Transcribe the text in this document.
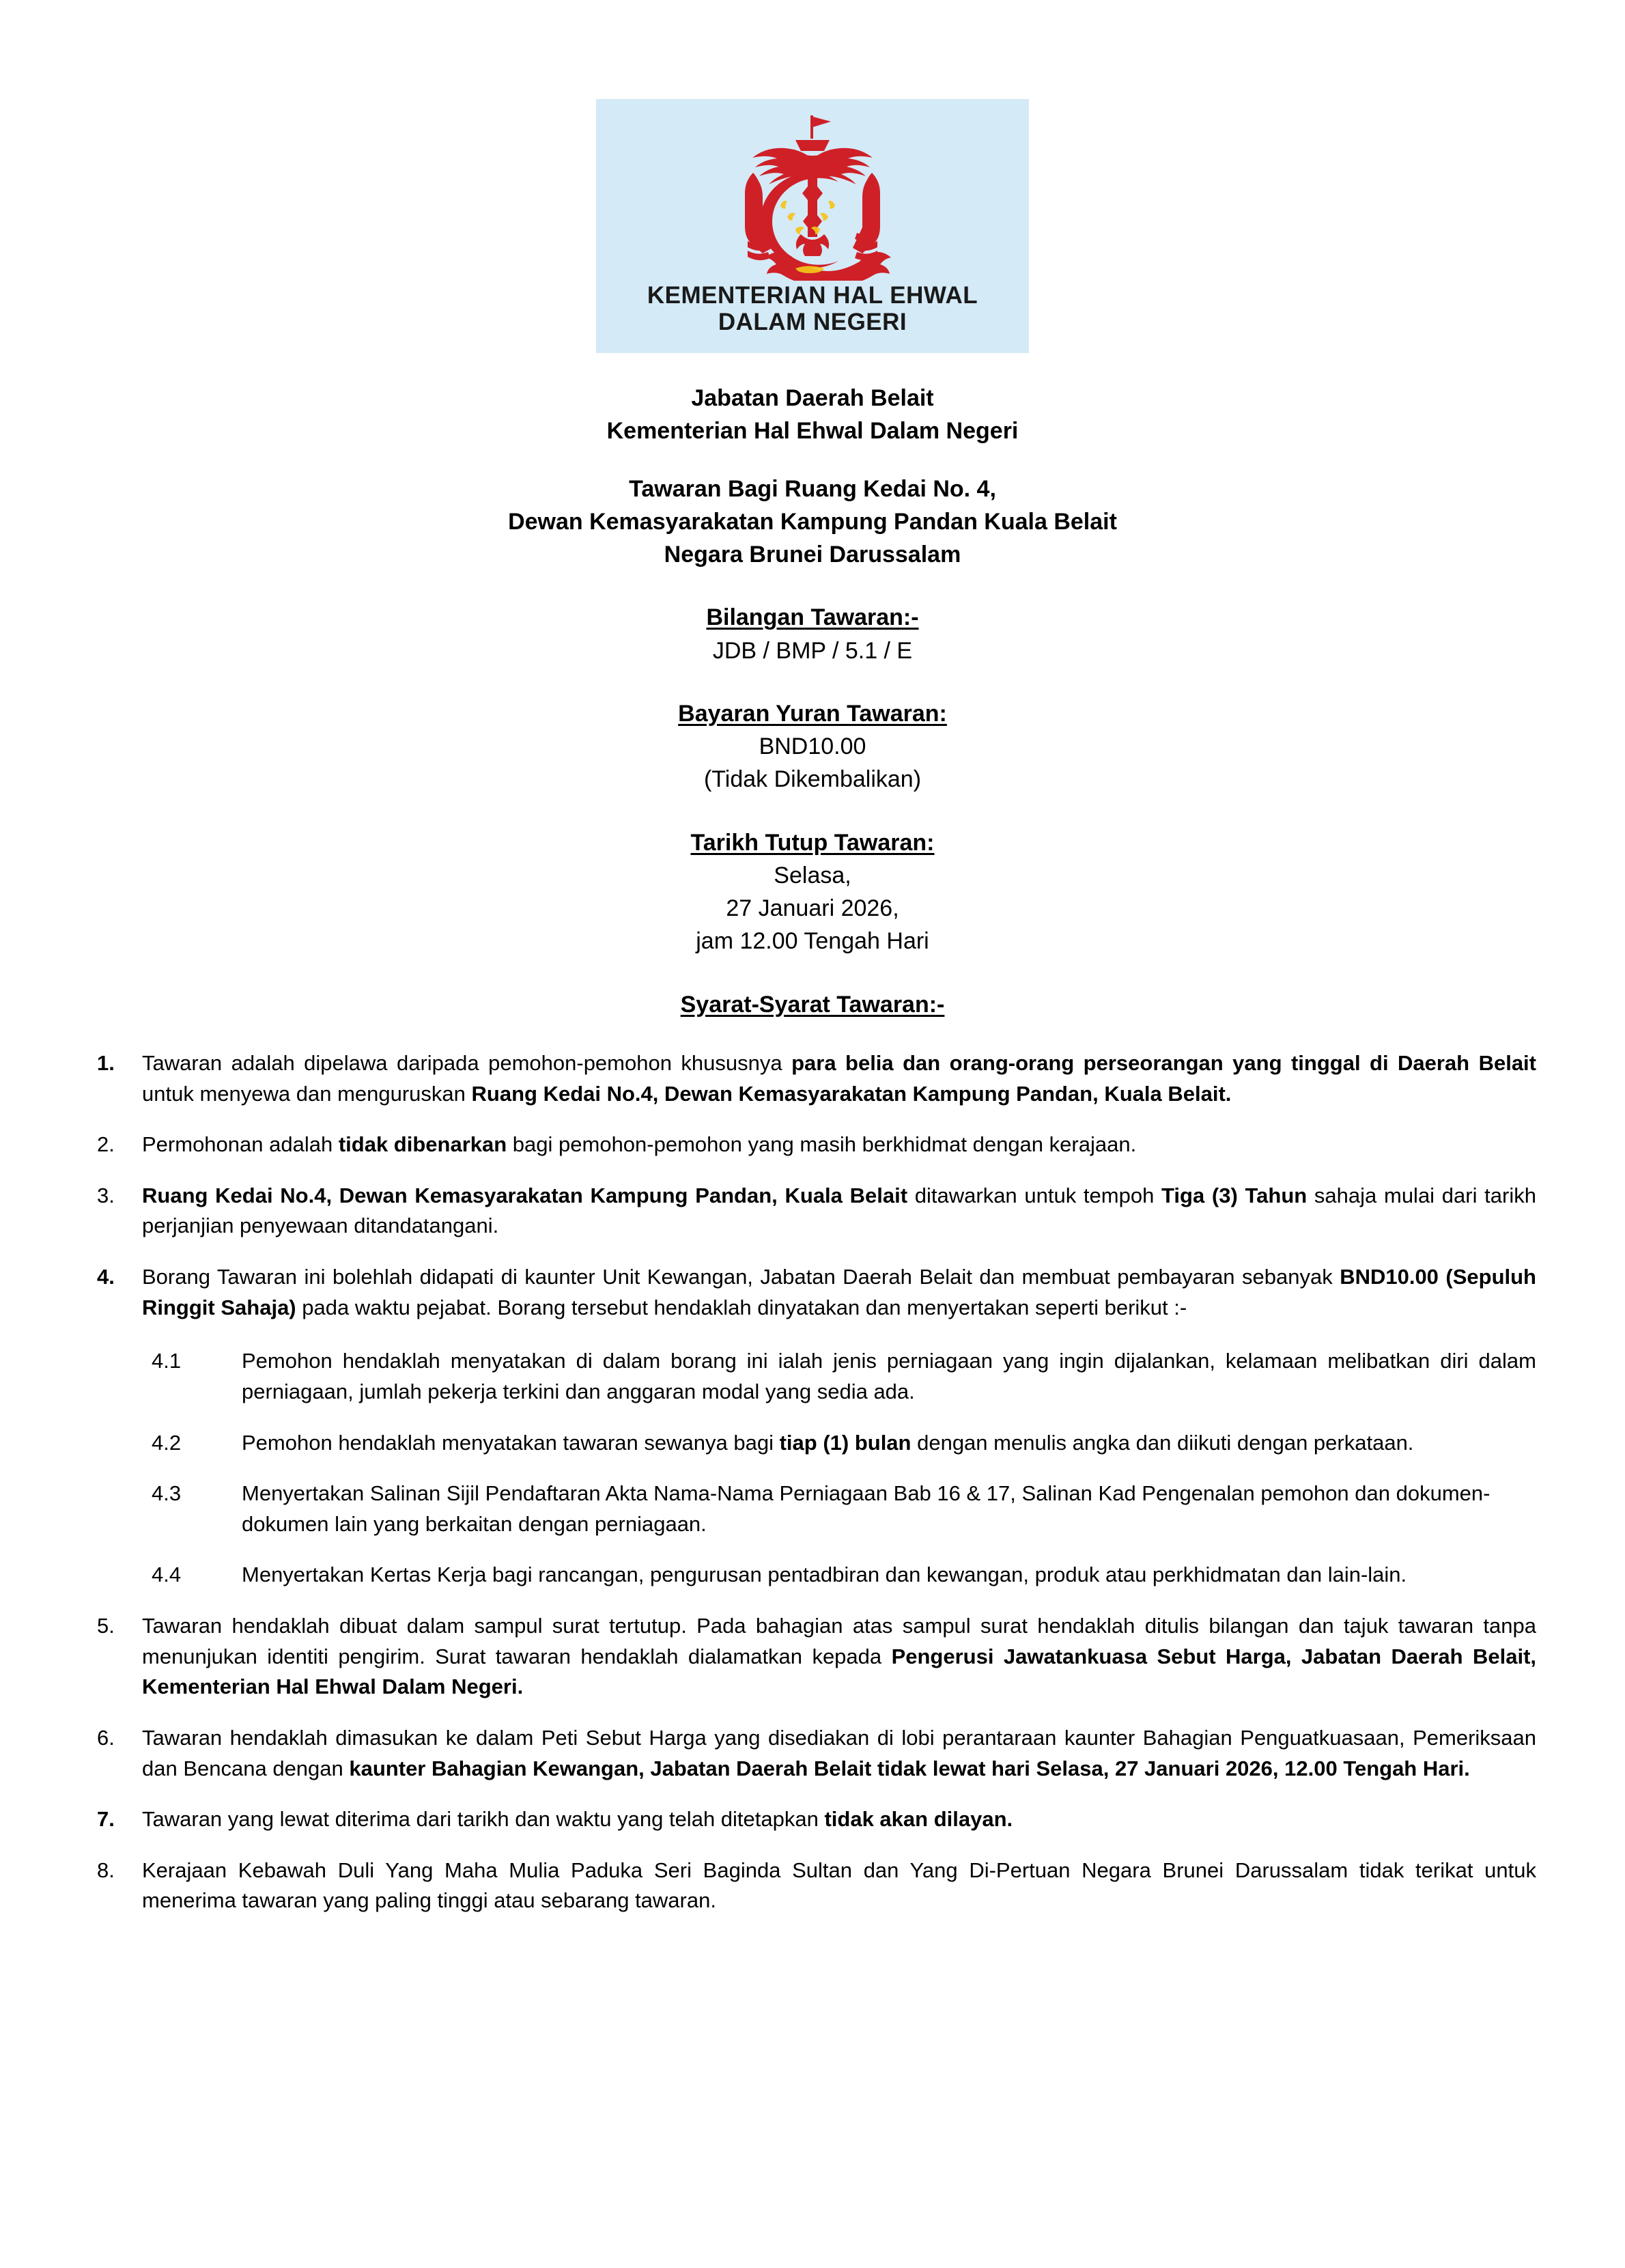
KEMENTERIAN HAL EHWAL
DALAM NEGERI
Jabatan Daerah Belait
Kementerian Hal Ehwal Dalam Negeri
Tawaran Bagi Ruang Kedai No. 4,
Dewan Kemasyarakatan Kampung Pandan Kuala Belait
Negara Brunei Darussalam
Bilangan Tawaran:-
JDB / BMP / 5.1 / E
Bayaran Yuran Tawaran:
BND10.00
(Tidak Dikembalikan)
Tarikh Tutup Tawaran:
Selasa,
27 Januari 2026,
jam 12.00 Tengah Hari
Syarat-Syarat Tawaran:-
1.	Tawaran adalah dipelawa daripada pemohon-pemohon khususnya para belia dan orang-orang perseorangan yang tinggal di Daerah Belait untuk menyewa dan menguruskan Ruang Kedai No.4, Dewan Kemasyarakatan Kampung Pandan, Kuala Belait.
2.	Permohonan adalah tidak dibenarkan bagi pemohon-pemohon yang masih berkhidmat dengan kerajaan.
3.	Ruang Kedai No.4, Dewan Kemasyarakatan Kampung Pandan, Kuala Belait ditawarkan untuk tempoh Tiga (3) Tahun sahaja mulai dari tarikh perjanjian penyewaan ditandatangani.
4.	Borang Tawaran ini bolehlah didapati di kaunter Unit Kewangan, Jabatan Daerah Belait dan membuat pembayaran sebanyak BND10.00 (Sepuluh Ringgit Sahaja) pada waktu pejabat. Borang tersebut hendaklah dinyatakan dan menyertakan seperti berikut :-
4.1	Pemohon hendaklah menyatakan di dalam borang ini ialah jenis perniagaan yang ingin dijalankan, kelamaan melibatkan diri dalam perniagaan, jumlah pekerja terkini dan anggaran modal yang sedia ada.
4.2	Pemohon hendaklah menyatakan tawaran sewanya bagi tiap (1) bulan dengan menulis angka dan diikuti dengan perkataan.
4.3	Menyertakan Salinan Sijil Pendaftaran Akta Nama-Nama Perniagaan Bab 16 & 17, Salinan Kad Pengenalan pemohon dan dokumen-dokumen lain yang berkaitan dengan perniagaan.
4.4	Menyertakan Kertas Kerja bagi rancangan, pengurusan pentadbiran dan kewangan, produk atau perkhidmatan dan lain-lain.
5.	Tawaran hendaklah dibuat dalam sampul surat tertutup. Pada bahagian atas sampul surat hendaklah ditulis bilangan dan tajuk tawaran tanpa menunjukan identiti pengirim. Surat tawaran hendaklah dialamatkan kepada Pengerusi Jawatankuasa Sebut Harga, Jabatan Daerah Belait, Kementerian Hal Ehwal Dalam Negeri.
6.	Tawaran hendaklah dimasukan ke dalam Peti Sebut Harga yang disediakan di lobi perantaraan kaunter Bahagian Penguatkuasaan, Pemeriksaan dan Bencana dengan kaunter Bahagian Kewangan, Jabatan Daerah Belait tidak lewat hari Selasa, 27 Januari 2026, 12.00 Tengah Hari.
7.	Tawaran yang lewat diterima dari tarikh dan waktu yang telah ditetapkan tidak akan dilayan.
8.	Kerajaan Kebawah Duli Yang Maha Mulia Paduka Seri Baginda Sultan dan Yang Di-Pertuan Negara Brunei Darussalam tidak terikat untuk menerima tawaran yang paling tinggi atau sebarang tawaran.
